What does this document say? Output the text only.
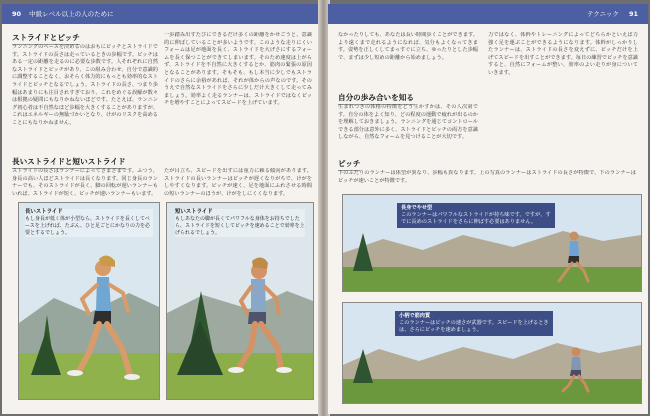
90 中級レベル以上の人のために
ストライドとピッチ
ランニングのペースを決めるのはおもにピッチとストライドです。ストライドの長さは走っているときの歩幅です。ピッチはある一定の距離を走るのに必要な歩数です。人それぞれに自然なストライドとピッチがあり、この組み合わせ、自分で意識的に調整することなく、おそらく体力的にもっとも効率的なストライドとピッチとなるでしょう。ストライドの長さ、つまり歩幅はあまりにも注目されすぎており、これをめぐる誤解が数々は根拠の疑問にもなりかねないほどです。たとえば、ランニング初心者は不自然なほど歩幅を大きくすることがありますが、これはエネルギーの無駄づかいとなり、けがのリスクを高めることにもなりかねません。
一歩踏み出すたびにできるだけ多くの距離をかせごうと、意識的に伸ばしていることが多いようです。このような走りにくいフォームは足が地面を長く、ストライドを大げさにするフォームを長く保つことができてしまいます。そのため速度は上がらず、ストライドを不自然に大きくするとか、筋肉の緊張の原因となることがあります。そもそも、もし本当に少しでもストライドのさらに余裕があれば、それが体からの声なのです。そのうえで自然なストライドをさらに少しだけ大きくして走ってみましょう。効率よく走るランナーは、ストライドではなくピッチを増やすことによってスピードを上げています。
長いストライドと短いストライド
ストライドの長さはランナーによってさまざまです。ふつう、身長の高い人ほどストライドは長くなります。同じ身長のランナーでも、そのストライドが長く、脚の回転が遅いランナーもいれば、ストライドが短く、ピッチが速いランナーもいます。
たが目立ち、スピードを出すには重力に頼る傾向があります。ストライドの長いランナーはピッチが遅くなりがちで、けがをしやすくなります。ピッチが速く、足を地面にふれさせる時間の短いランナーのほうが、けがをしにくくなります。
長いストライド
もし身長が低く体が小型なら、ストライドを長くしてペースを上げれば、たぶん、ひと足ごとにかなりの力を必要とするでしょう。
短いストライド
もしあなたの脚が長くてパワフルな身体をお持ちでしたら、ストライドを短くしてピッチを速めることで効率を上げられるでしょう。
テクニック 91
なかったりしても、あなたは長い時間歩くことができます。より遠くまで走れるようになれば、気分もよくなってきます。姿勢を正しくしてまっすぐに立ち、ゆったりとした歩幅で、まずは少し短めの距離から始めましょう。
力ではなく、体幹やトレーニングによってどちらかといえば力強く足を運ぶことができるようになります。体幹がしっかりしたランナーは、ストライドの長さを変えずに、ピッチだけを上げてスピードを出すことができます。毎日の練習でピッチを意識すると、自然にフォームが整い、効率のよい走りが身についていきます。
自分の歩み合いを知る
生まれつきの体格の特徴をどう生かすかは、その人次第です。自分の体をよく知り、どの程度の運動で疲れが出るのかを理解しておきましょう。ランニングを通じてコントロールできる部分は意外に多く、ストライドとピッチの両方を意識しながら、自然なフォームを見つけることが大切です。
ピッチ
下のふたりのランナーは体型が異なり、歩幅も異なります。上の写真のランナーはストライドの長さが特徴で、下のランナーはピッチが速いことが特徴です。
長身でやせ型
このランナーはパワフルなストライドが持ち味です。ですが、すでに長めのストライドをさらに伸ばす必要はありません。
小柄で筋肉質
このランナーはピッチの速さが武器です。スピードを上げるときは、さらにピッチを速めましょう。
